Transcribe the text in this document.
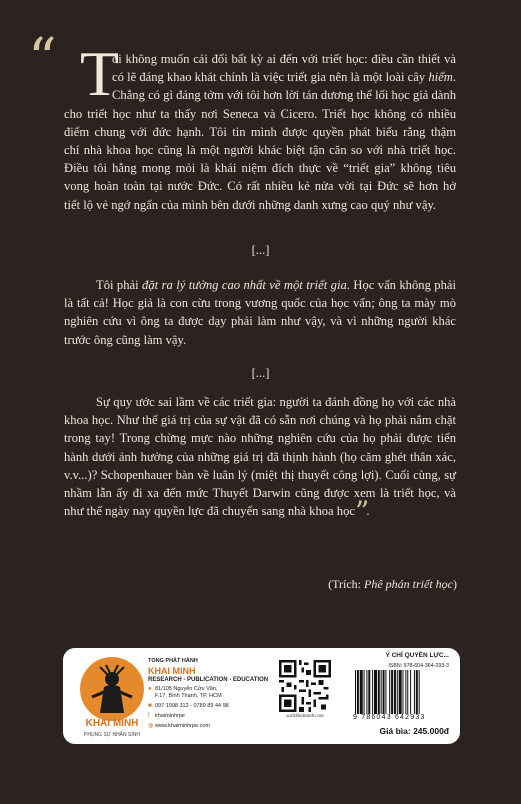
“ T
ôi không muốn cải đổi bất kỳ ai đến với triết học: điều cần thiết và
có lẽ đáng khao khát chính là việc triết gia nên là một loài cây hiếm.
Chẳng có gì đáng tởm với tôi hơn lời tán dương thể lối học giả dành
cho triết học như ta thấy nơi Seneca và Cicero. Triết học không có nhiều
điểm chung với đức hạnh. Tôi tin mình được quyền phát biểu rằng thậm
chí nhà khoa học cũng là một người khác biệt tận căn so với nhà triết học.
Điều tôi hằng mong mỏi là khái niệm đích thực về “triết gia” không tiêu
vong hoàn toàn tại nước Đức. Có rất nhiều kẻ nửa vời tại Đức sẽ hơn hở
tiết lộ vẻ ngớ ngẩn của mình bên dưới những danh xưng cao quý như vậy.
[...]
Tôi phải đặt ra lý tưởng cao nhất về một triết gia. Học vấn không phải là tất cả! Học giả là con cừu trong vương quốc của học vấn; ông ta mày mò nghiên cứu vì ông ta được dạy phải làm như vậy, và vì những người khác trước ông cũng làm vậy.
[...]
Sự quy ước sai lầm về các triết gia: người ta đánh đồng họ với các nhà khoa học. Như thể giá trị của sự vật đã có sẵn nơi chúng và họ phải nắm chặt trong tay! Trong chừng mực nào những nghiên cứu của họ phải được tiến hành dưới ảnh hưởng của những giá trị đã thịnh hành (họ căm ghét thân xác, v.v...)? Schopenhauer bàn về luân lý (miệt thị thuyết công lợi). Cuối cùng, sự nhầm lẫn ấy đi xa đến mức Thuyết Darwin cũng được xem là triết học, và như thế ngày nay quyền lực đã chuyển sang nhà khoa học”.
(Trích: Phê phán triết học)
KHAI MINH
PHỤNG SỰ NHÂN SINH
TỔNG PHÁT HÀNH
KHAI MINH
RESEARCH - PUBLICATION - EDUCATION
● 81/105 Nguyễn Cửu Vân,
F.17, Bình Thạnh, TP. HCM
■ 097 1998 312 - 0789 89 44 98
f khaiminhrpe
◍ www.khaiminhrpe.com
sachkhaiminh.com
Ý CHÍ QUYỀN LỰC...
ISBN: 978-604-364-293-3
9 786043 642933
Giá bìa: 245.000đ
